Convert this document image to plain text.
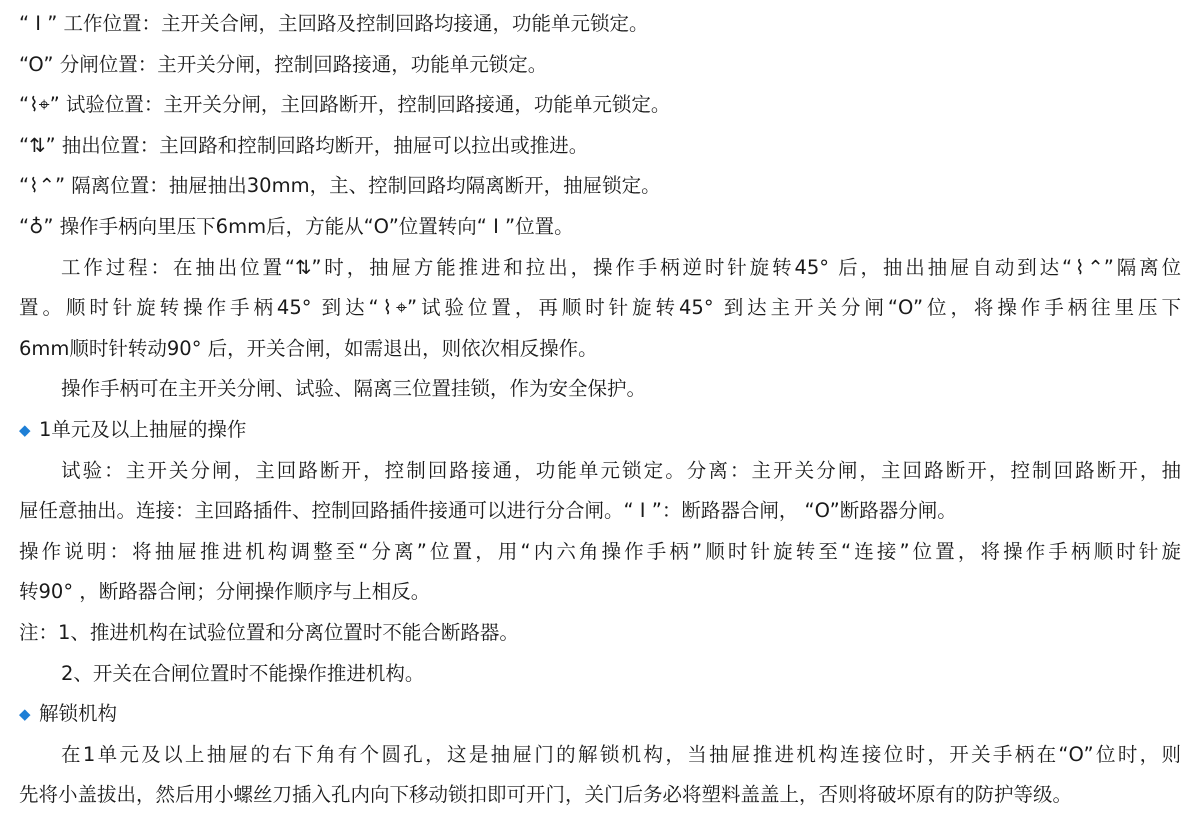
“ I ” 工作位置：主开关合闸，主回路及控制回路均接通，功能单元锁定。
“O” 分闸位置：主开关分闸，控制回路接通，功能单元锁定。
“⌇⌖” 试验位置：主开关分闸，主回路断开，控制回路接通，功能单元锁定。
“⇅” 抽出位置：主回路和控制回路均断开，抽屉可以拉出或推进。
“⌇⌃” 隔离位置：抽屉抽出30mm，主、控制回路均隔离断开，抽屉锁定。
“♁” 操作手柄向里压下6mm后，方能从“O”位置转向“ I ”位置。
工作过程：在抽出位置“⇅”时，抽屉方能推进和拉出，操作手柄逆时针旋转45° 后，抽出抽屉自动到达“⌇⌃”隔离位
置。顺时针旋转操作手柄45° 到达“⌇⌖”试验位置，再顺时针旋转45° 到达主开关分闸“O”位，将操作手柄往里压下
6mm顺时针转动90° 后，开关合闸，如需退出，则依次相反操作。
操作手柄可在主开关分闸、试验、隔离三位置挂锁，作为安全保护。
◆ 1单元及以上抽屉的操作
试验：主开关分闸，主回路断开，控制回路接通，功能单元锁定。分离：主开关分闸，主回路断开，控制回路断开，抽
屉任意抽出。连接：主回路插件、控制回路插件接通可以进行分合闸。“ I ”：断路器合闸， “O”断路器分闸。
操作说明：将抽屉推进机构调整至“分离”位置，用“内六角操作手柄”顺时针旋转至“连接”位置，将操作手柄顺时针旋
转90° ，断路器合闸；分闸操作顺序与上相反。
注：1、推进机构在试验位置和分离位置时不能合断路器。
2、开关在合闸位置时不能操作推进机构。
◆ 解锁机构
在1单元及以上抽屉的右下角有个圆孔，这是抽屉门的解锁机构，当抽屉推进机构连接位时，开关手柄在“O”位时，则
先将小盖拔出，然后用小螺丝刀插入孔内向下移动锁扣即可开门，关门后务必将塑料盖盖上，否则将破坏原有的防护等级。
